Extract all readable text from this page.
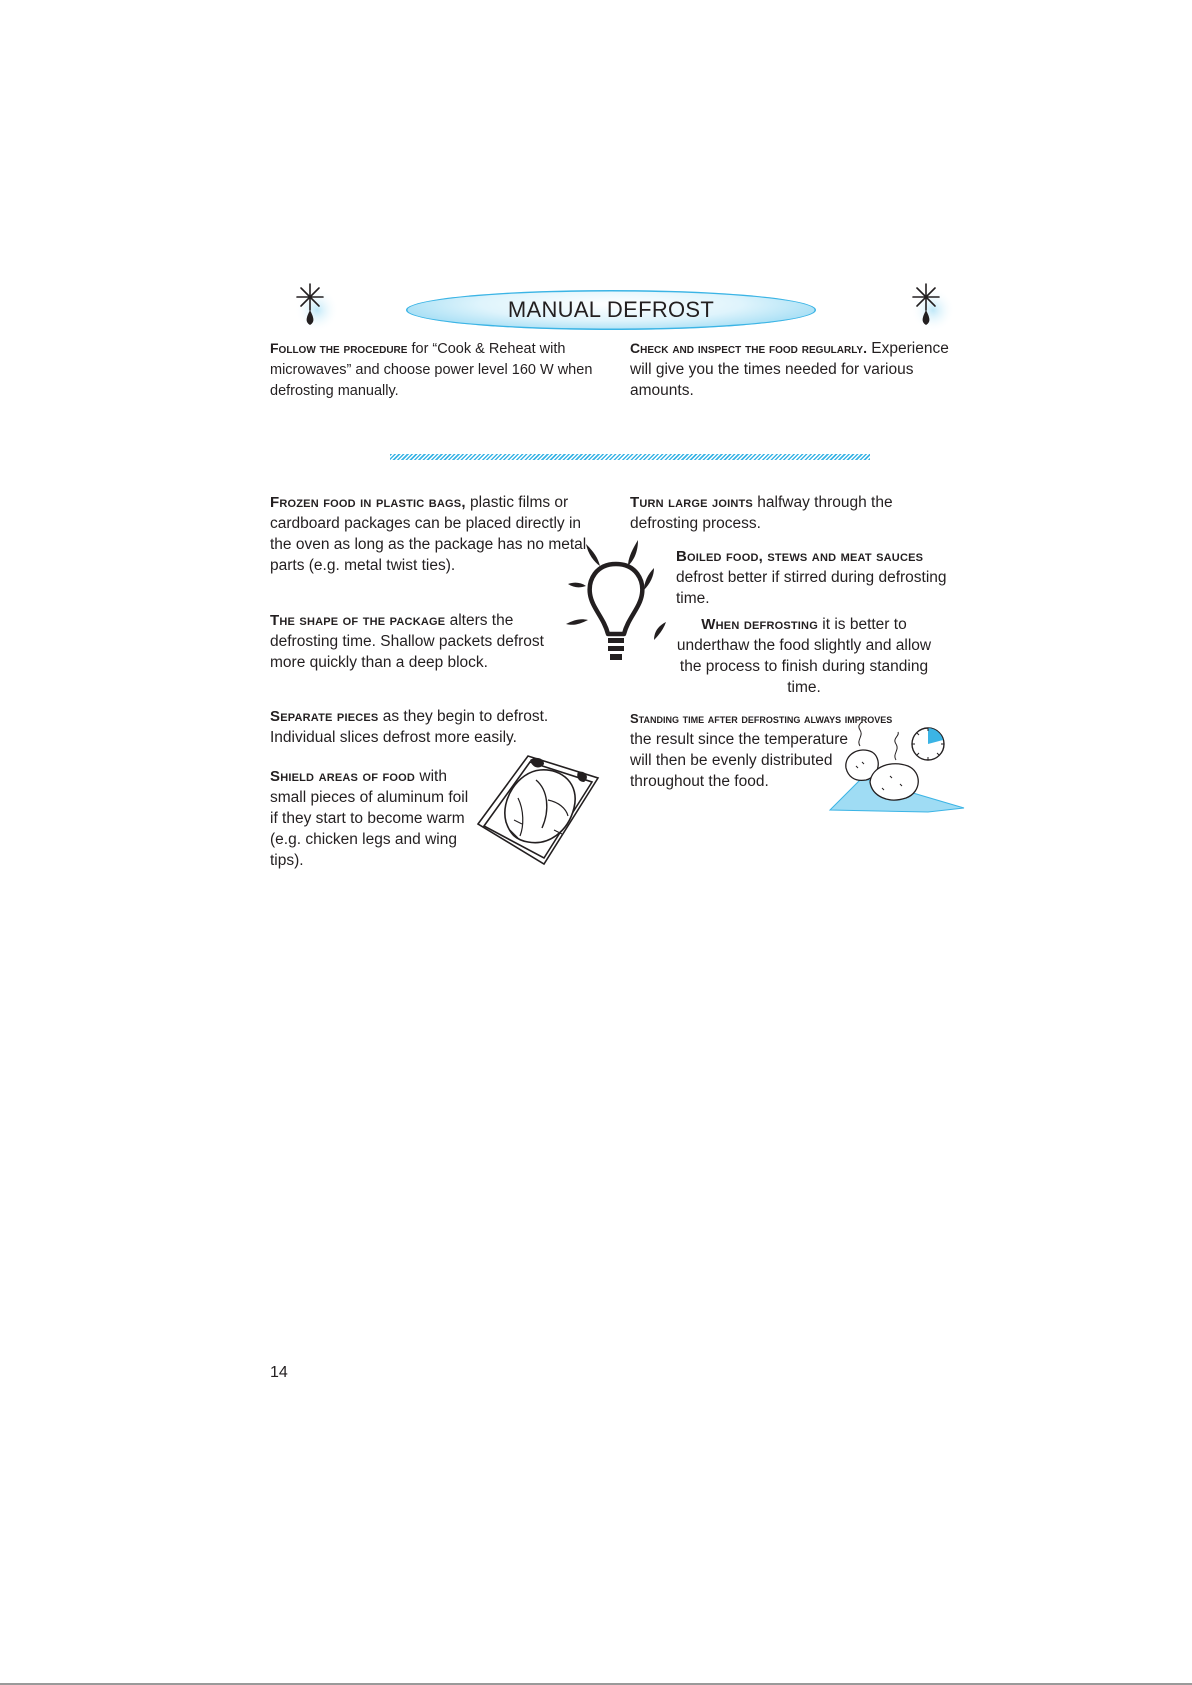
MANUAL DEFROST
Follow the procedure for “Cook & Reheat with microwaves” and choose power level 160 W when defrosting manually.
Check and inspect the food regularly. Experience will give you the times needed for various amounts.
Frozen food in plastic bags, plastic films or cardboard packages can be placed directly in the oven as long as the package has no metal parts (e.g. metal twist ties).
The shape of the package alters the defrosting time. Shallow packets defrost more quickly than a deep block.
Separate pieces as they begin to defrost. Individual slices defrost more easily.
Shield areas of food with small pieces of aluminum foil if they start to become warm (e.g. chicken legs and wing tips).
Turn large joints halfway through the defrosting process.
Boiled food, stews and meat sauces defrost better if stirred during defrosting time.
When defrosting it is better to underthaw the food slightly and allow the process to finish during standing time.
Standing time after defrosting always improves
the result since the temperature will then be evenly distributed throughout the food.
14
